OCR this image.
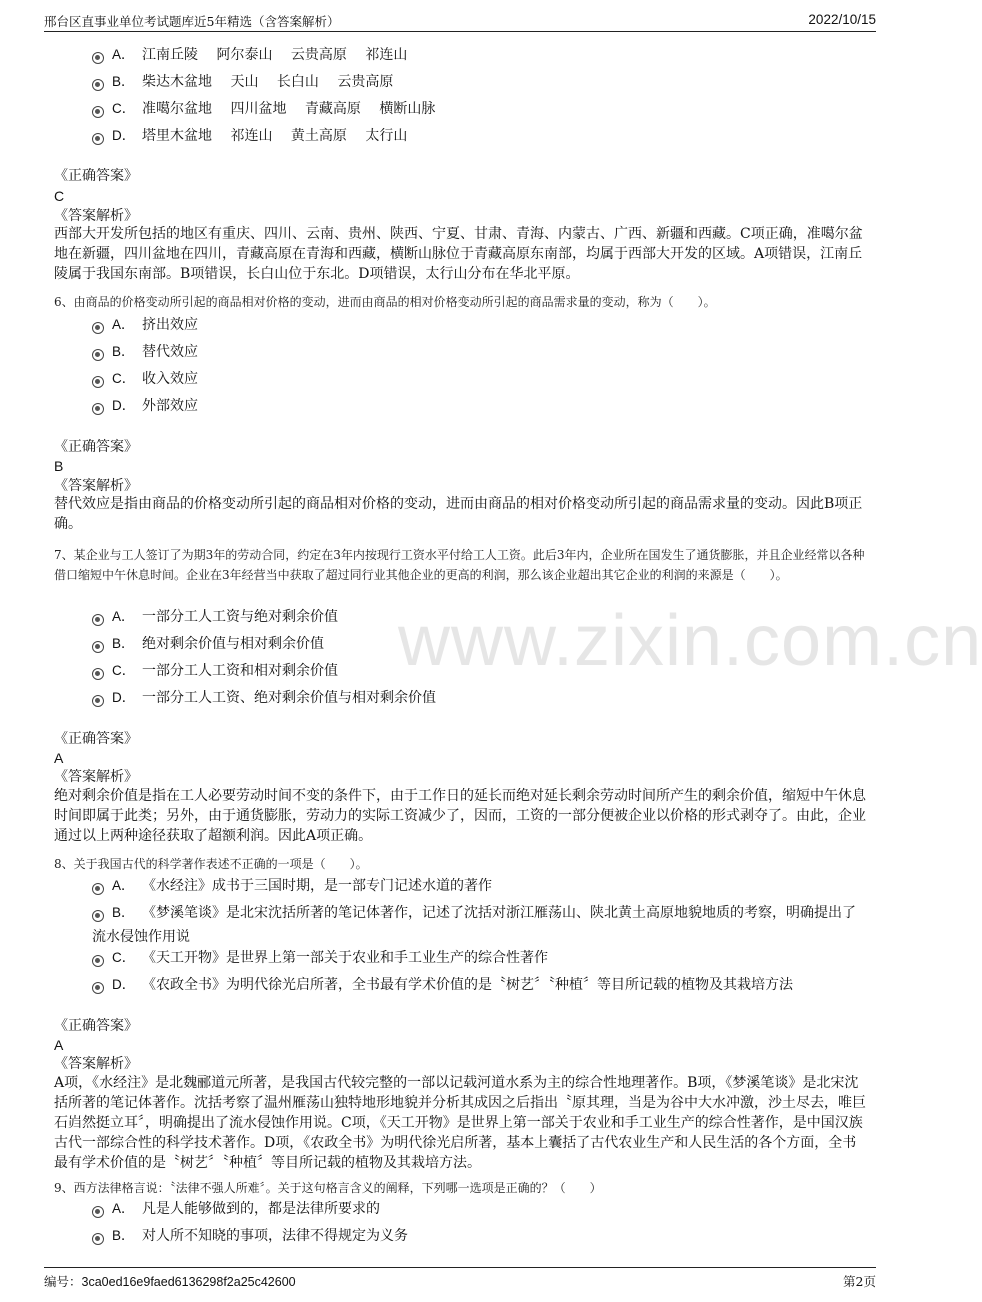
邢台区直事业单位考试题库近5年精选（含答案解析）	2022/10/15
www.zixin.com.cn
A． 江南丘陵　 阿尔泰山　 云贵高原　 祁连山
B． 柴达木盆地　 天山　 长白山　 云贵高原
C． 准噶尔盆地　 四川盆地　 青藏高原　 横断山脉
D． 塔里木盆地　 祁连山　 黄土高原　 太行山
《正确答案》
C
《答案解析》
西部大开发所包括的地区有重庆、四川、云南、贵州、陕西、宁夏、甘肃、青海、内蒙古、广西、新疆和西藏。C项正确，准噶尔盆地在新疆，四川盆地在四川，青藏高原在青海和西藏，横断山脉位于青藏高原东南部，均属于西部大开发的区域。A项错误，江南丘陵属于我国东南部。B项错误，长白山位于东北。D项错误，太行山分布在华北平原。
6、由商品的价格变动所引起的商品相对价格的变动，进而由商品的相对价格变动所引起的商品需求量的变动，称为（　　）。
A． 挤出效应
B． 替代效应
C． 收入效应
D． 外部效应
《正确答案》
B
《答案解析》
替代效应是指由商品的价格变动所引起的商品相对价格的变动，进而由商品的相对价格变动所引起的商品需求量的变动。因此B项正确。
7、某企业与工人签订了为期3年的劳动合同，约定在3年内按现行工资水平付给工人工资。此后3年内，企业所在国发生了通货膨胀，并且企业经常以各种借口缩短中午休息时间。企业在3年经营当中获取了超过同行业其他企业的更高的利润，那么该企业超出其它企业的利润的来源是（　　）。
A． 一部分工人工资与绝对剩余价值
B． 绝对剩余价值与相对剩余价值
C． 一部分工人工资和相对剩余价值
D． 一部分工人工资、绝对剩余价值与相对剩余价值
《正确答案》
A
《答案解析》
绝对剩余价值是指在工人必要劳动时间不变的条件下，由于工作日的延长而绝对延长剩余劳动时间所产生的剩余价值，缩短中午休息时间即属于此类；另外，由于通货膨胀，劳动力的实际工资减少了，因而，工资的一部分便被企业以价格的形式剥夺了。由此，企业通过以上两种途径获取了超额利润。因此A项正确。
8、关于我国古代的科学著作表述不正确的一项是（　　）。
A． 《水经注》成书于三国时期，是一部专门记述水道的著作
B． 《梦溪笔谈》是北宋沈括所著的笔记体著作，记述了沈括对浙江雁荡山、陕北黄土高原地貌地质的考察，明确提出了流水侵蚀作用说
C． 《天工开物》是世界上第一部关于农业和手工业生产的综合性著作
D． 《农政全书》为明代徐光启所著，全书最有学术价值的是〝树艺〞〝种植〞等目所记载的植物及其栽培方法
《正确答案》
A
《答案解析》
A项，《水经注》是北魏郦道元所著，是我国古代较完整的一部以记载河道水系为主的综合性地理著作。B项，《梦溪笔谈》是北宋沈括所著的笔记体著作。沈括考察了温州雁荡山独特地形地貌并分析其成因之后指出〝原其理，当是为谷中大水冲激，沙土尽去，唯巨石岿然挺立耳〞，明确提出了流水侵蚀作用说。C项，《天工开物》是世界上第一部关于农业和手工业生产的综合性著作，是中国汉族古代一部综合性的科学技术著作。D项，《农政全书》为明代徐光启所著，基本上囊括了古代农业生产和人民生活的各个方面，全书最有学术价值的是〝树艺〞〝种植〞等目所记载的植物及其栽培方法。
9、西方法律格言说：〝法律不强人所难〞。关于这句格言含义的阐释，下列哪一选项是正确的？（　　）
A． 凡是人能够做到的，都是法律所要求的
B． 对人所不知晓的事项，法律不得规定为义务
编号：3ca0ed16e9faed6136298f2a25c42600	第2页
